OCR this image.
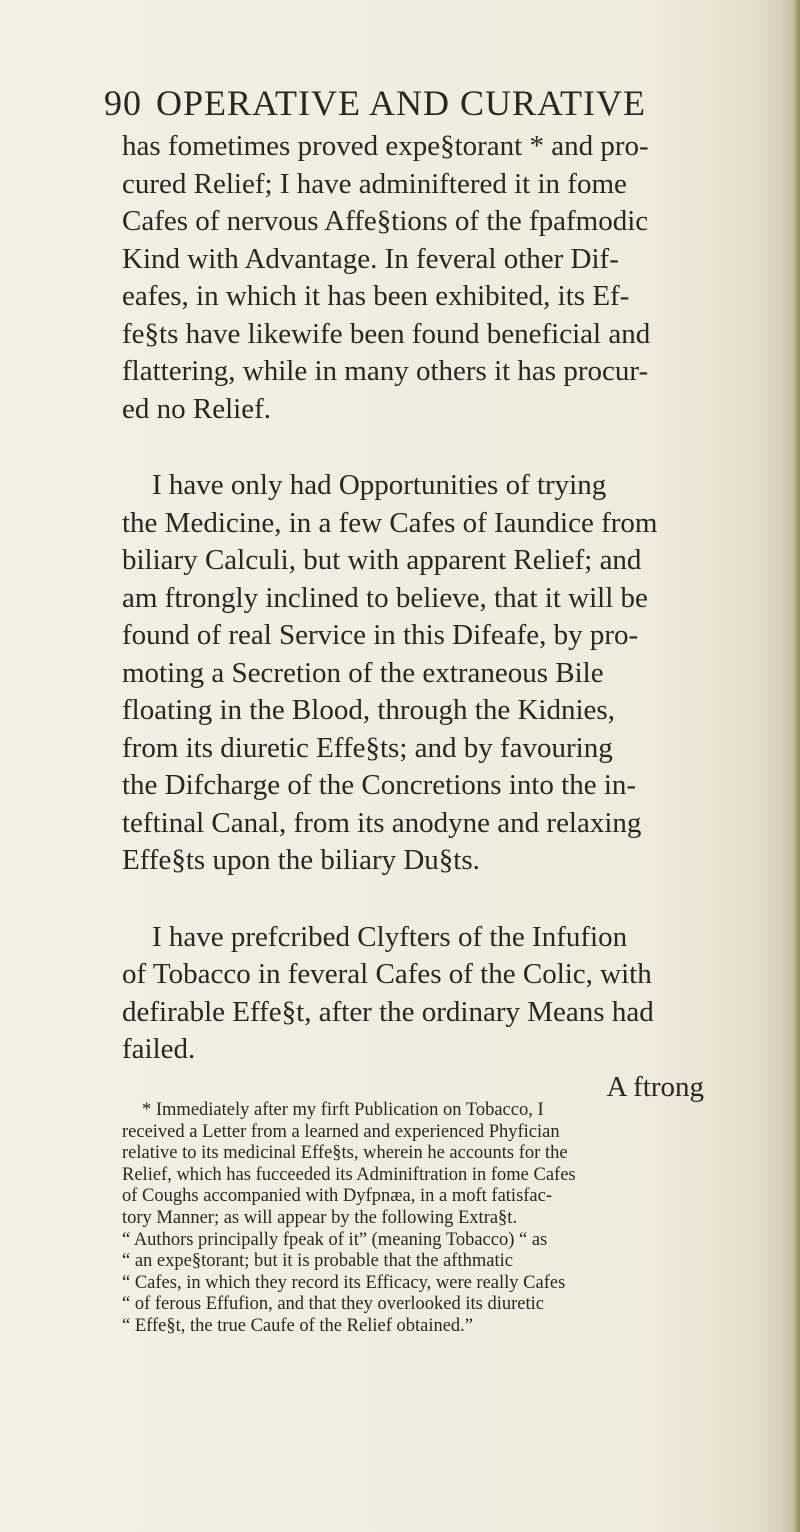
90 OPERATIVE AND CURATIVE
has fometimes proved expe§torant * and pro-
cured Relief; I have adminiftered it in fome
Cafes of nervous Affe§tions of the fpafmodic
Kind with Advantage. In feveral other Dif-
eafes, in which it has been exhibited, its Ef-
fe§ts have likewife been found beneficial and
flattering, while in many others it has procur-
ed no Relief.
I have only had Opportunities of trying
the Medicine, in a few Cafes of Iaundice from
biliary Calculi, but with apparent Relief; and
am ftrongly inclined to believe, that it will be
found of real Service in this Difeafe, by pro-
moting a Secretion of the extraneous Bile
floating in the Blood, through the Kidnies,
from its diuretic Effe§ts; and by favouring
the Difcharge of the Concretions into the in-
teftinal Canal, from its anodyne and relaxing
Effe§ts upon the biliary Du§ts.
I have prefcribed Clyfters of the Infufion
of Tobacco in feveral Cafes of the Colic, with
defirable Effe§t, after the ordinary Means had
failed.
A ftrong
* Immediately after my firft Publication on Tobacco, I
received a Letter from a learned and experienced Phyfician
relative to its medicinal Effe§ts, wherein he accounts for the
Relief, which has fucceeded its Adminiftration in fome Cafes
of Coughs accompanied with Dyfpnæa, in a moft fatisfac-
tory Manner; as will appear by the following Extra§t.
“ Authors principally fpeak of it” (meaning Tobacco) “ as
“ an expe§torant; but it is probable that the afthmatic
“ Cafes, in which they record its Efficacy, were really Cafes
“ of ferous Effufion, and that they overlooked its diuretic
“ Effe§t, the true Caufe of the Relief obtained.”
